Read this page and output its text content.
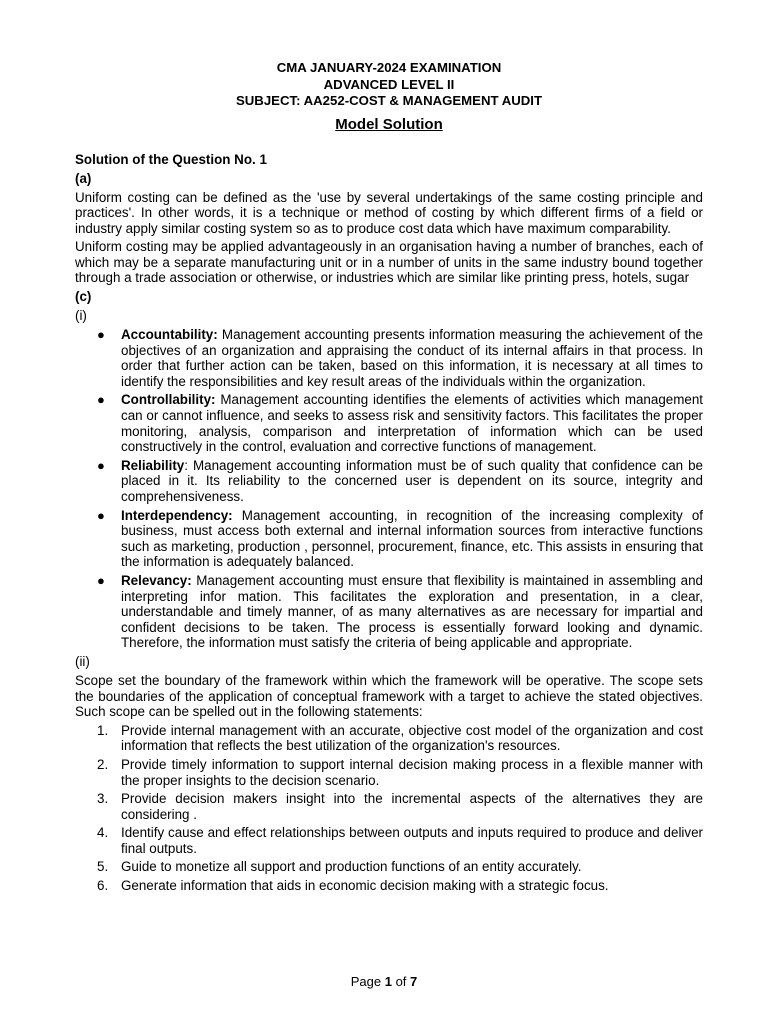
CMA JANUARY-2024 EXAMINATION
ADVANCED LEVEL II
SUBJECT: AA252-COST & MANAGEMENT AUDIT
Model Solution
Solution of the Question No. 1
(a)

Uniform costing can be defined as the 'use by several undertakings of the same costing principle and practices'. In other words, it is a technique or method of costing by which different firms of a field or industry apply similar costing system so as to produce cost data which have maximum comparability.

Uniform costing may be applied advantageously in an organisation having a number of branches, each of which may be a separate manufacturing unit or in a number of units in the same industry bound together through a trade association or otherwise, or industries which are similar like printing press, hotels, sugar

(c)
(i)
● Accountability: Management accounting presents information measuring the achievement of the objectives of an organization and appraising the conduct of its internal affairs in that process. In order that further action can be taken, based on this information, it is necessary at all times to identify the responsibilities and key result areas of the individuals within the organization.
● Controllability: Management accounting identifies the elements of activities which management can or cannot influence, and seeks to assess risk and sensitivity factors. This facilitates the proper monitoring, analysis, comparison and interpretation of information which can be used constructively in the control, evaluation and corrective functions of management.
● Reliability: Management accounting information must be of such quality that confidence can be placed in it. Its reliability to the concerned user is dependent on its source, integrity and comprehensiveness.
● Interdependency: Management accounting, in recognition of the increasing complexity of business, must access both external and internal information sources from interactive functions such as marketing, production , personnel, procurement, finance, etc. This assists in ensuring that the information is adequately balanced.
● Relevancy: Management accounting must ensure that flexibility is maintained in assembling and interpreting infor mation. This facilitates the exploration and presentation, in a clear, understandable and timely manner, of as many alternatives as are necessary for impartial and confident decisions to be taken. The process is essentially forward looking and dynamic. Therefore, the information must satisfy the criteria of being applicable and appropriate.
(ii)

Scope set the boundary of the framework within which the framework will be operative. The scope sets the boundaries of the application of conceptual framework with a target to achieve the stated objectives. Such scope can be spelled out in the following statements:

1. Provide internal management with an accurate, objective cost model of the organization and cost information that reflects the best utilization of the organization's resources.
2. Provide timely information to support internal decision making process in a flexible manner with the proper insights to the decision scenario.
3. Provide decision makers insight into the incremental aspects of the alternatives they are considering .
4. Identify cause and effect relationships between outputs and inputs required to produce and deliver final outputs.
5. Guide to monetize all support and production functions of an entity accurately.
6. Generate information that aids in economic decision making with a strategic focus.
Page 1 of 7
